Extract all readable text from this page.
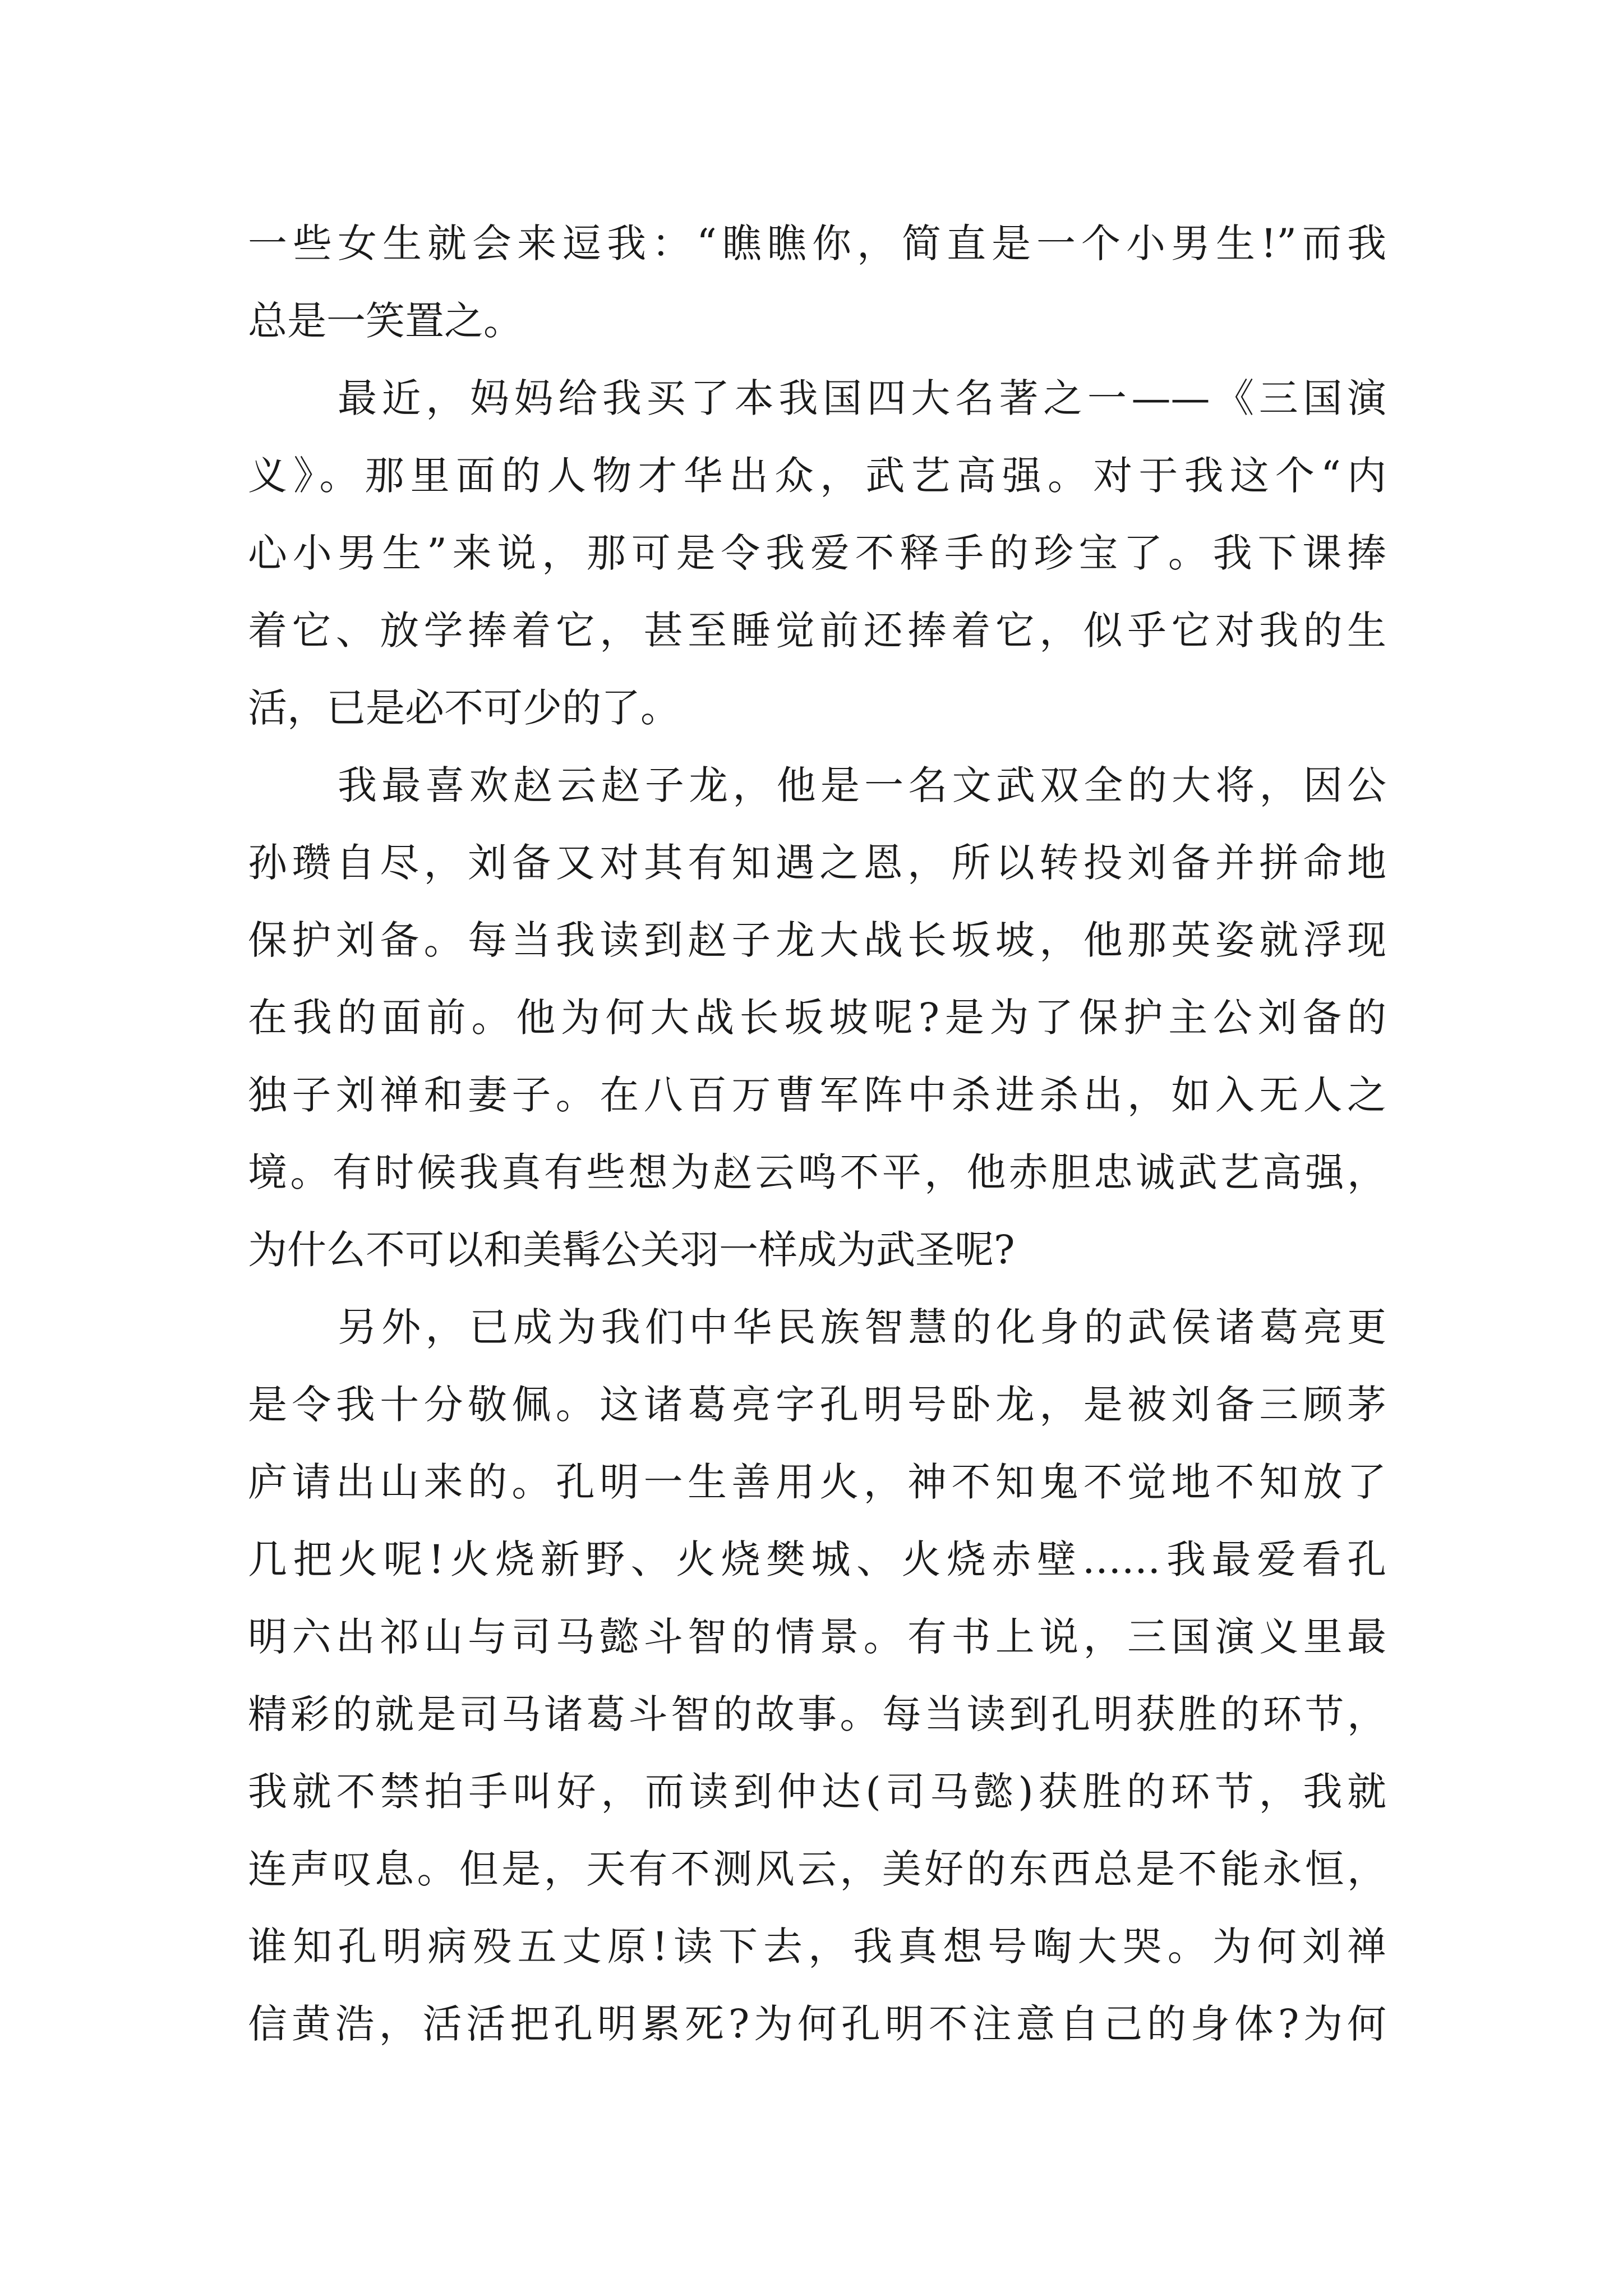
一些女生就会来逗我：“瞧瞧你，简直是一个小男生!”而我
总是一笑置之。
最近，妈妈给我买了本我国四大名著之一——《三国演
义》。那里面的人物才华出众，武艺高强。对于我这个“内
心小男生”来说，那可是令我爱不释手的珍宝了。我下课捧
着它、放学捧着它，甚至睡觉前还捧着它，似乎它对我的生
活，已是必不可少的了。
我最喜欢赵云赵子龙，他是一名文武双全的大将，因公
孙瓒自尽，刘备又对其有知遇之恩，所以转投刘备并拼命地
保护刘备。每当我读到赵子龙大战长坂坡，他那英姿就浮现
在我的面前。他为何大战长坂坡呢?是为了保护主公刘备的
独子刘禅和妻子。在八百万曹军阵中杀进杀出，如入无人之
境。有时候我真有些想为赵云鸣不平，他赤胆忠诚武艺高强，
为什么不可以和美髯公关羽一样成为武圣呢?
另外，已成为我们中华民族智慧的化身的武侯诸葛亮更
是令我十分敬佩。这诸葛亮字孔明号卧龙，是被刘备三顾茅
庐请出山来的。孔明一生善用火，神不知鬼不觉地不知放了
几把火呢!火烧新野、火烧樊城、火烧赤壁……我最爱看孔
明六出祁山与司马懿斗智的情景。有书上说，三国演义里最
精彩的就是司马诸葛斗智的故事。每当读到孔明获胜的环节，
我就不禁拍手叫好，而读到仲达(司马懿)获胜的环节，我就
连声叹息。但是，天有不测风云，美好的东西总是不能永恒，
谁知孔明病殁五丈原!读下去，我真想号啕大哭。为何刘禅
信黄浩，活活把孔明累死?为何孔明不注意自己的身体?为何
